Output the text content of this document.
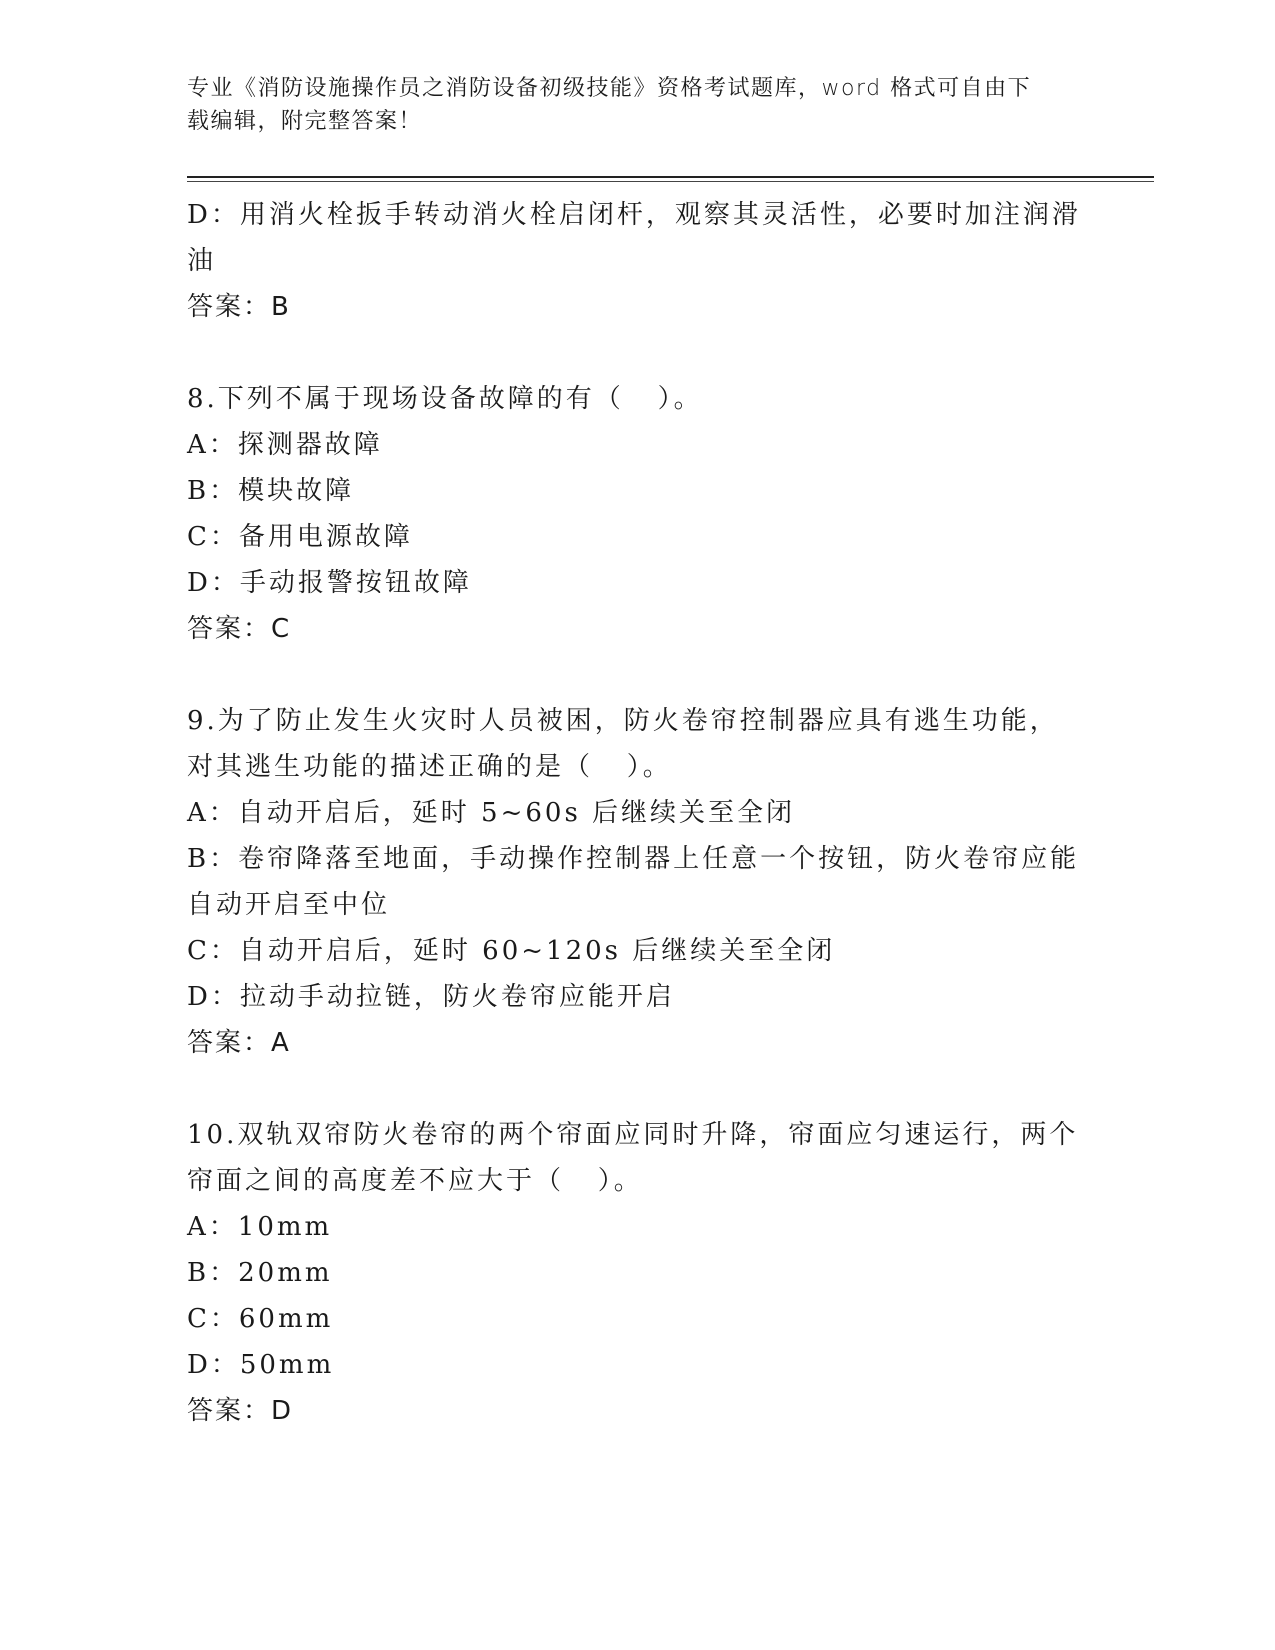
专业《消防设施操作员之消防设备初级技能》资格考试题库，word 格式可自由下
载编辑，附完整答案！
D：用消火栓扳手转动消火栓启闭杆，观察其灵活性，必要时加注润滑
油
答案：B
8.下列不属于现场设备故障的有（   ）。
A：探测器故障
B：模块故障
C：备用电源故障
D：手动报警按钮故障
答案：C
9.为了防止发生火灾时人员被困，防火卷帘控制器应具有逃生功能，
对其逃生功能的描述正确的是（   ）。
A：自动开启后，延时 5~60s 后继续关至全闭
B：卷帘降落至地面，手动操作控制器上任意一个按钮，防火卷帘应能
自动开启至中位
C：自动开启后，延时 60~120s 后继续关至全闭
D：拉动手动拉链，防火卷帘应能开启
答案：A
10.双轨双帘防火卷帘的两个帘面应同时升降，帘面应匀速运行，两个
帘面之间的高度差不应大于（   ）。
A：10mm
B：20mm
C：60mm
D：50mm
答案：D
